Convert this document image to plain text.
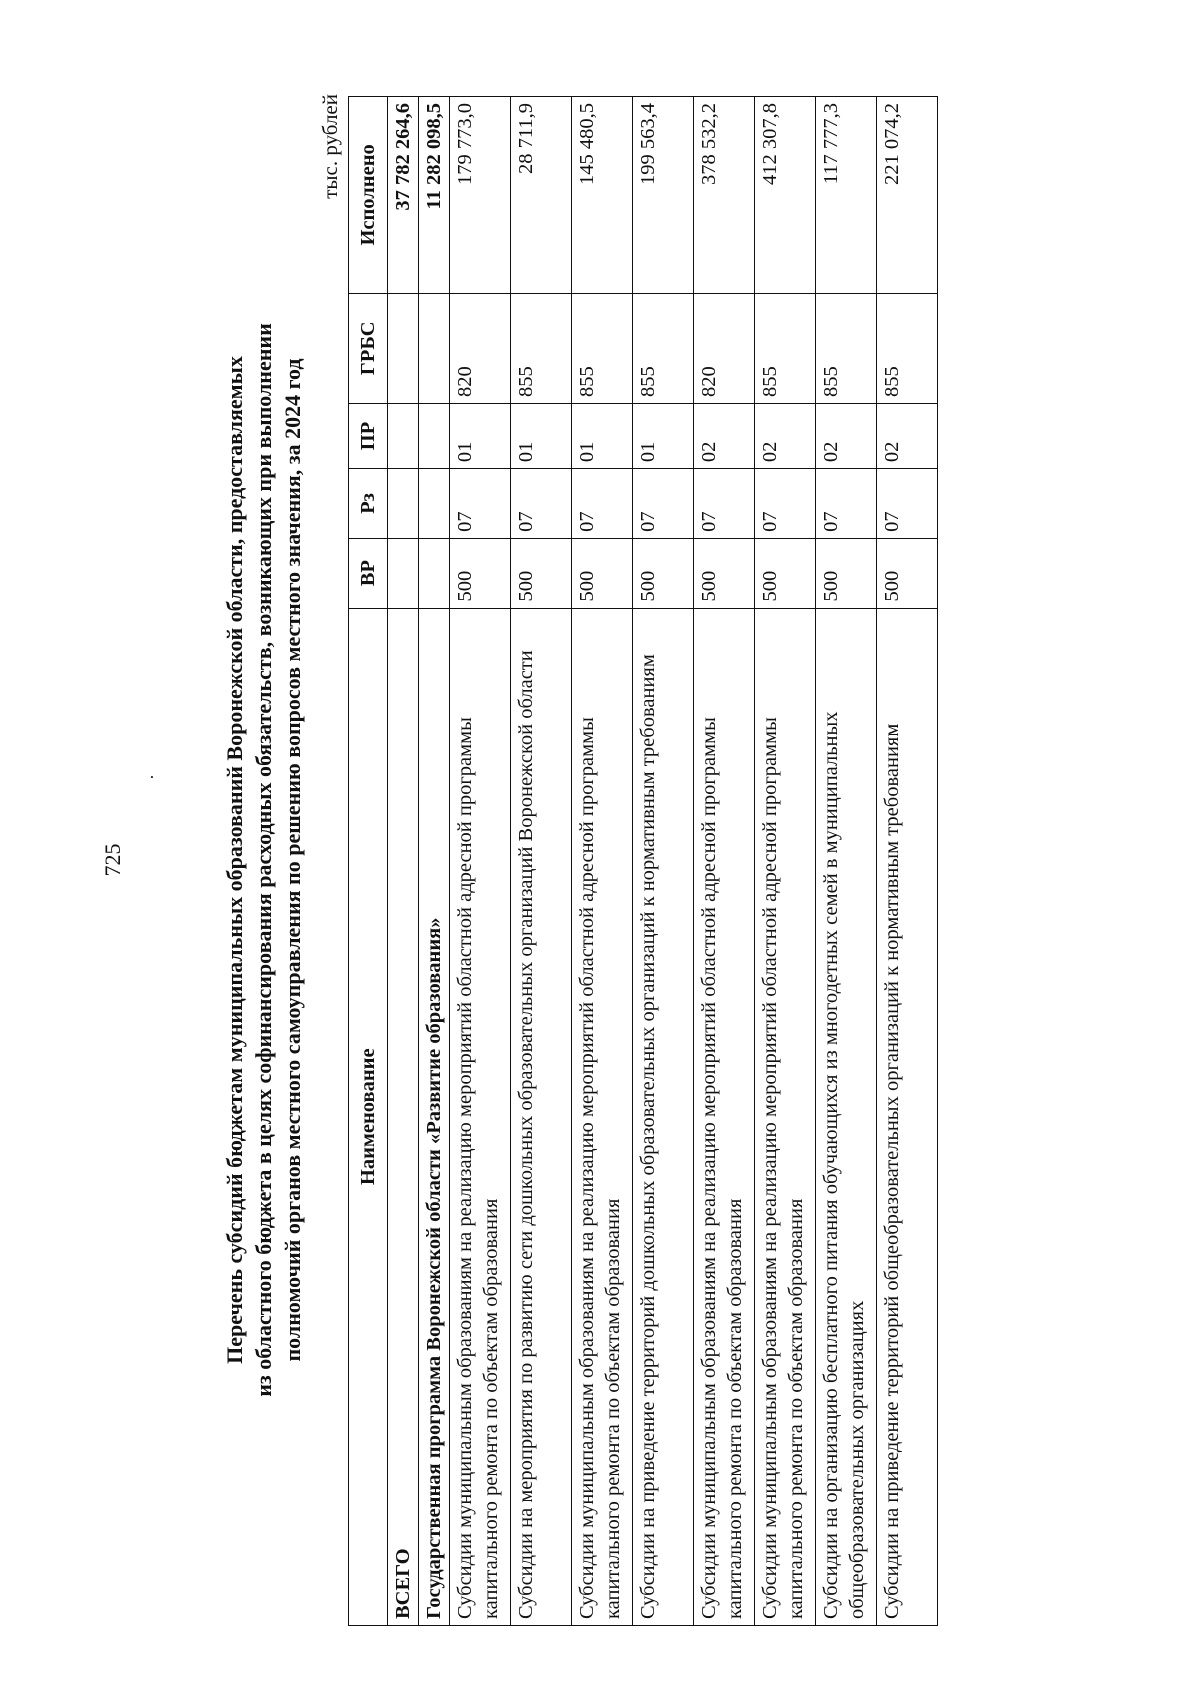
725
·	Перечень субсидий бюджетам муниципальных образований Воронежской области, предоставляемых из областного бюджета в целях софинансирования расходных обязательств, возникающих при выполнении полномочий органов местного самоуправления по решению вопросов местного значения, за 2024 год
тыс. рублей
Наименование	ВР	Рз	ПР	ГРБС	Исполнено
ВСЕГО					37 782 264,6
Государственная программа Воронежской области «Развитие образования»					11 282 098,5
Субсидии муниципальным образованиям на реализацию мероприятий областной адресной программы капитального ремонта по объектам образования	500	07	01	820	179 773,0
Субсидии на мероприятия по развитию сети дошкольных образовательных организаций Воронежской области	500	07	01	855	28 711,9
Субсидии муниципальным образованиям на реализацию мероприятий областной адресной программы капитального ремонта по объектам образования	500	07	01	855	145 480,5
Субсидии на приведение территорий дошкольных образовательных организаций к нормативным требованиям	500	07	01	855	199 563,4
Субсидии муниципальным образованиям на реализацию мероприятий областной адресной программы капитального ремонта по объектам образования	500	07	02	820	378 532,2
Субсидии муниципальным образованиям на реализацию мероприятий областной адресной программы капитального ремонта по объектам образования	500	07	02	855	412 307,8
Субсидии на организацию бесплатного питания обучающихся из многодетных семей в муниципальных общеобразовательных организациях	500	07	02	855	117 777,3
Субсидии на приведение территорий общеобразовательных организаций к нормативным требованиям	500	07	02	855	221 074,2
